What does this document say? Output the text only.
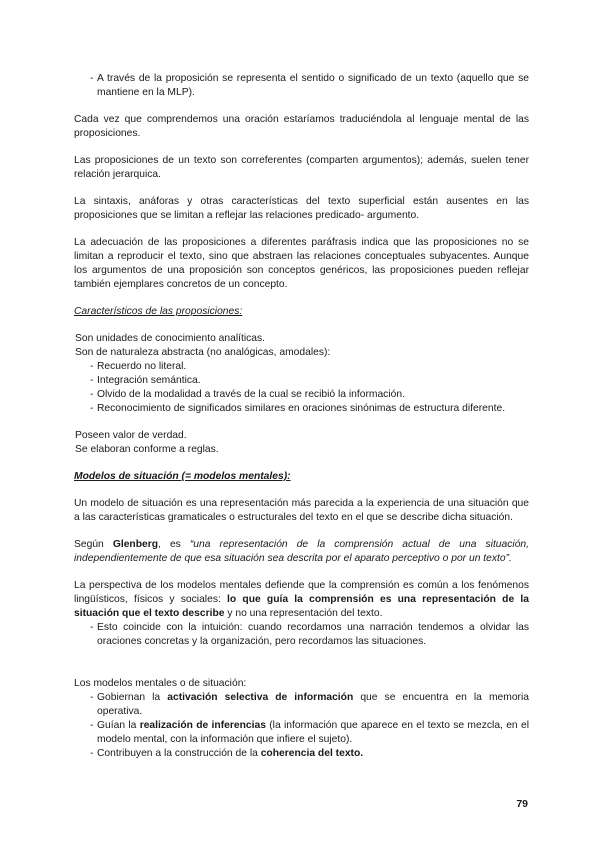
- A través de la proposición se representa el sentido o significado de un texto (aquello que se mantiene en la MLP).

Cada vez que comprendemos una oración estaríamos traduciéndola al lenguaje mental de las proposiciones.

Las proposiciones de un texto son correferentes (comparten argumentos); además, suelen tener relación jerarquica.

La sintaxis, anáforas y otras características del texto superficial están ausentes en las proposiciones que se limitan a reflejar las relaciones predicado- argumento.

La adecuación de las proposiciones a diferentes paráfrasis indica que las proposiciones no se limitan a reproducir el texto, sino que abstraen las relaciones conceptuales subyacentes. Aunque los argumentos de una proposición son conceptos genéricos, las proposiciones pueden reflejar también ejemplares concretos de un concepto.

Característicos de las proposiciones:

Son unidades de conocimiento analíticas.

Son de naturaleza abstracta (no analógicas, amodales):

- Recuerdo no literal.
- Integración semántica.
- Olvido de la modalidad a través de la cual se recibió la información.
- Reconocimiento de significados similares en oraciones sinónimas de estructura diferente.

Poseen valor de verdad.

Se elaboran conforme a reglas.

Modelos de situación (= modelos mentales):

Un modelo de situación es una representación más parecida a la experiencia de una situación que a las características gramaticales o estructurales del texto en el que se describe dicha situación.

Según Glenberg, es “una representación de la comprensión actual de una situación, independientemente de que esa situación sea descrita por el aparato perceptivo o por un texto”.

La perspectiva de los modelos mentales defiende que la comprensión es común a los fenómenos lingüísticos, físicos y sociales: lo que guía la comprensión es una representación de la situación que el texto describe y no una representación del texto.

- Esto coincide con la intuición: cuando recordamos una narración tendemos a olvidar las oraciones concretas y la organización, pero recordamos las situaciones.

Los modelos mentales o de situación:

- Gobiernan la activación selectiva de información que se encuentra en la memoria operativa.
- Guían la realización de inferencias (la información que aparece en el texto se mezcla, en el modelo mental, con la información que infiere el sujeto).
- Contribuyen a la construcción de la coherencia del texto.
79
